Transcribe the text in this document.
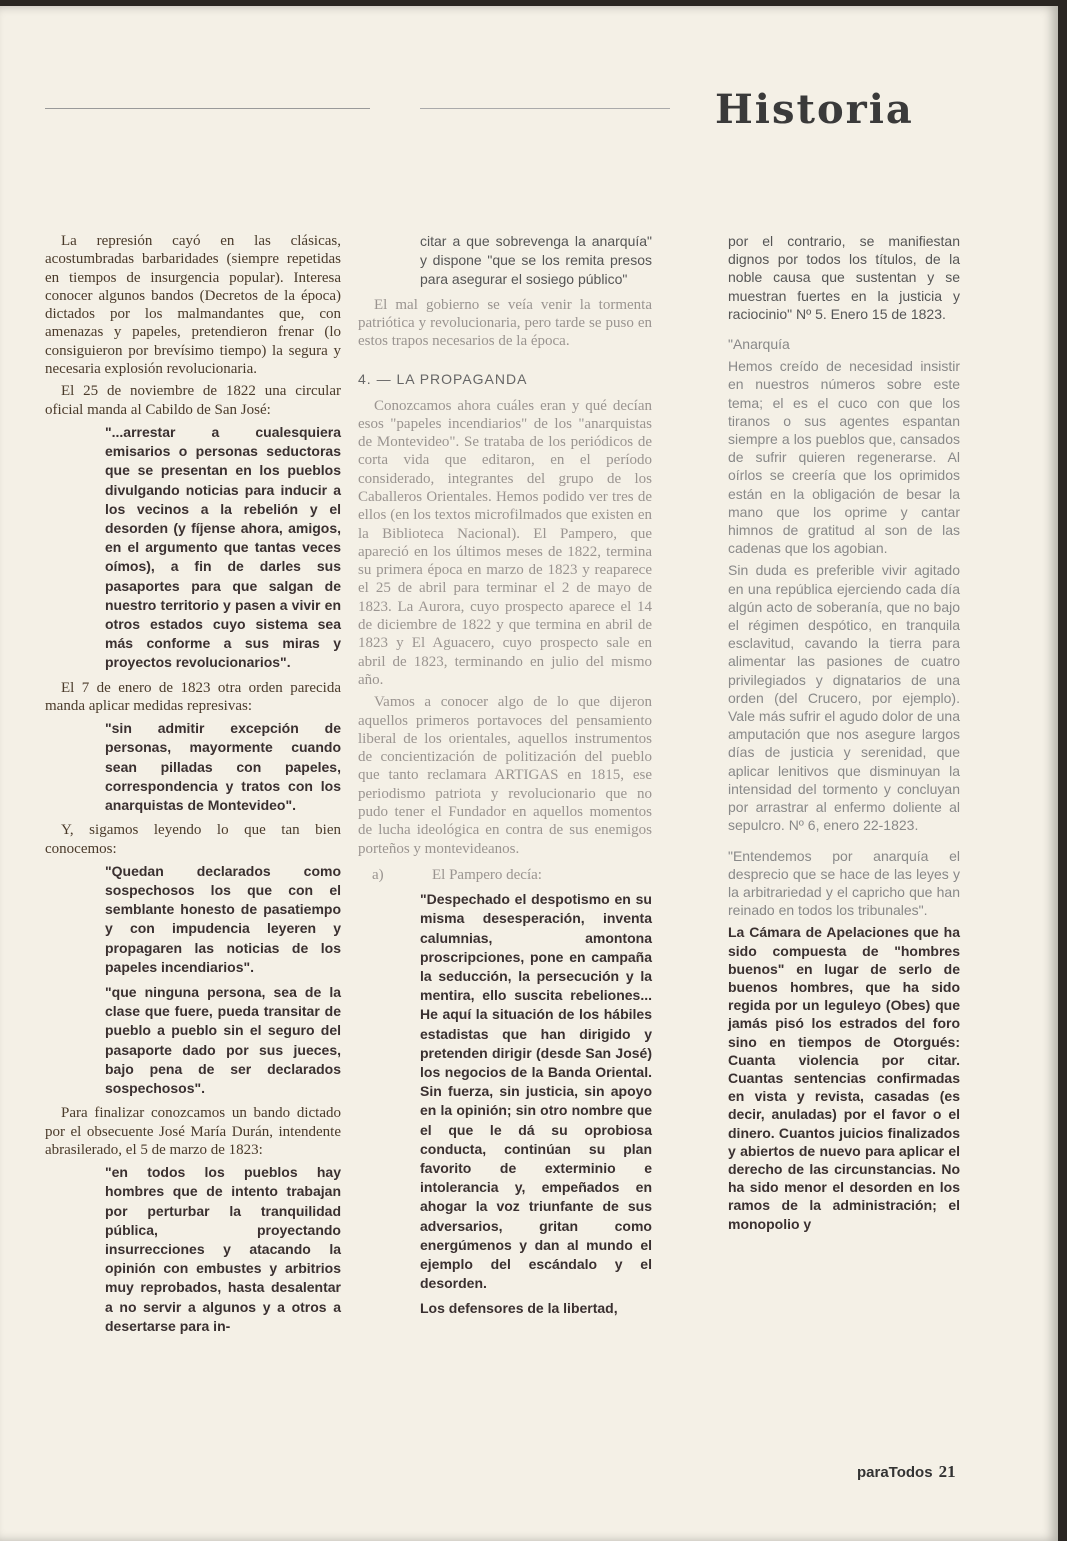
Historia

La represión cayó en las clásicas, acostumbradas barbaridades (siempre repetidas en tiempos de insurgencia popular). Interesa conocer algunos bandos (Decretos de la época) dictados por los malmandantes que, con amenazas y papeles, pretendieron frenar (lo consiguieron por brevísimo tiempo) la segura y necesaria explosión revolucionaria.

El 25 de noviembre de 1822 una circular oficial manda al Cabildo de San José:

"...arrestar a cualesquiera emisarios o personas seductoras que se presentan en los pueblos divulgando noticias para inducir a los vecinos a la rebelión y el desorden (y fíjense ahora, amigos, en el argumento que tantas veces oímos), a fin de darles sus pasaportes para que salgan de nuestro territorio y pasen a vivir en otros estados cuyo sistema sea más conforme a sus miras y proyectos revolucionarios".

El 7 de enero de 1823 otra orden parecida manda aplicar medidas represivas:

"sin admitir excepción de personas, mayormente cuando sean pilladas con papeles, correspondencia y tratos con los anarquistas de Montevideo".

Y, sigamos leyendo lo que tan bien conocemos:

"Quedan declarados como sospechosos los que con el semblante honesto de pasatiempo y con impudencia leyeren y propagaren las noticias de los papeles incendiarios".

"que ninguna persona, sea de la clase que fuere, pueda transitar de pueblo a pueblo sin el seguro del pasaporte dado por sus jueces, bajo pena de ser declarados sospechosos".

Para finalizar conozcamos un bando dictado por el obsecuente José María Durán, intendente abrasilerado, el 5 de marzo de 1823:

"en todos los pueblos hay hombres que de intento trabajan por perturbar la tranquilidad pública, proyectando insurrecciones y atacando la opinión con embustes y arbitrios muy reprobados, hasta desalentar a no servir a algunos y a otros a desertarse para in-

citar a que sobrevenga la anarquía" y dispone "que se los remita presos para asegurar el sosiego público"

El mal gobierno se veía venir la tormenta patriótica y revolucionaria, pero tarde se puso en estos trapos necesarios de la época.

4. — LA PROPAGANDA

Conozcamos ahora cuáles eran y qué decían esos "papeles incendiarios" de los "anarquistas de Montevideo". Se trataba de los periódicos de corta vida que editaron, en el período considerado, integrantes del grupo de los Caballeros Orientales. Hemos podido ver tres de ellos (en los textos microfilmados que existen en la Biblioteca Nacional). El Pampero, que apareció en los últimos meses de 1822, termina su primera época en marzo de 1823 y reaparece el 25 de abril para terminar el 2 de mayo de 1823. La Aurora, cuyo prospecto aparece el 14 de diciembre de 1822 y que termina en abril de 1823 y El Aguacero, cuyo prospecto sale en abril de 1823, terminando en julio del mismo año.

Vamos a conocer algo de lo que dijeron aquellos primeros portavoces del pensamiento liberal de los orientales, aquellos instrumentos de concientización de politización del pueblo que tanto reclamara ARTIGAS en 1815, ese periodismo patriota y revolucionario que no pudo tener el Fundador en aquellos momentos de lucha ideológica en contra de sus enemigos porteños y montevideanos.

a)	El Pampero decía:

"Despechado el despotismo en su misma desesperación, inventa calumnias, amontona proscripciones, pone en campaña la seducción, la persecución y la mentira, ello suscita rebeliones... He aquí la situación de los hábiles estadistas que han dirigido y pretenden dirigir (desde San José) los negocios de la Banda Oriental. Sin fuerza, sin justicia, sin apoyo en la opinión; sin otro nombre que el que le dá su oprobiosa conducta, continúan su plan favorito de exterminio e intolerancia y, empeñados en ahogar la voz triunfante de sus adversarios, gritan como energúmenos y dan al mundo el ejemplo del escándalo y el desorden.

Los defensores de la libertad,

por el contrario, se manifiestan dignos por todos los títulos, de la noble causa que sustentan y se muestran fuertes en la justicia y raciocinio" Nº 5. Enero 15 de 1823.

"Anarquía

Hemos creído de necesidad insistir en nuestros números sobre este tema; el es el cuco con que los tiranos o sus agentes espantan siempre a los pueblos que, cansados de sufrir quieren regenerarse. Al oírlos se creería que los oprimidos están en la obligación de besar la mano que los oprime y cantar himnos de gratitud al son de las cadenas que los agobian.

Sin duda es preferible vivir agitado en una república ejerciendo cada día algún acto de soberanía, que no bajo el régimen despótico, en tranquila esclavitud, cavando la tierra para alimentar las pasiones de cuatro privilegiados y dignatarios de una orden (del Crucero, por ejemplo). Vale más sufrir el agudo dolor de una amputación que nos asegure largos días de justicia y serenidad, que aplicar lenitivos que disminuyan la intensidad del tormento y concluyan por arrastrar al enfermo doliente al sepulcro. Nº 6, enero 22-1823.

"Entendemos por anarquía el desprecio que se hace de las leyes y la arbitrariedad y el capricho que han reinado en todos los tribunales".

La Cámara de Apelaciones que ha sido compuesta de "hombres buenos" en lugar de serlo de buenos hombres, que ha sido regida por un leguleyo (Obes) que jamás pisó los estrados del foro sino en tiempos de Otorgués: Cuanta violencia por citar. Cuantas sentencias confirmadas en vista y revista, casadas (es decir, anuladas) por el favor o el dinero. Cuantos juicios finalizados y abiertos de nuevo para aplicar el derecho de las circunstancias. No ha sido menor el desorden en los ramos de la administración; el monopolio y

paraTodos 21
